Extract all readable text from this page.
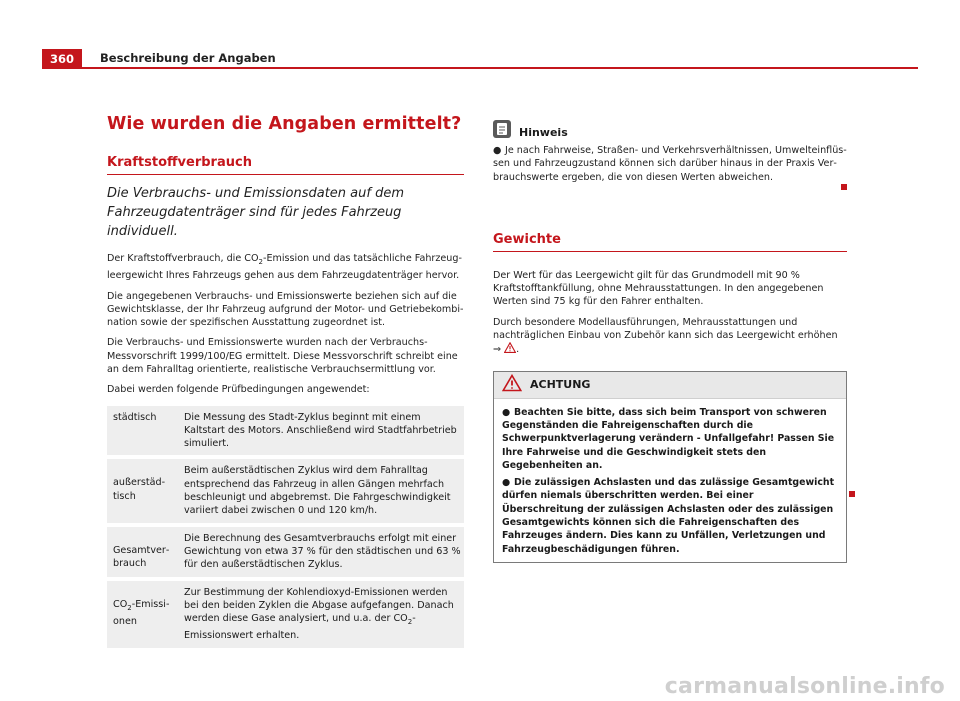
360	Beschreibung der Angaben
Wie wurden die Angaben ermittelt?
Kraftstoffverbrauch

Die Verbrauchs- und Emissionsdaten auf dem Fahrzeugdatenträger sind für jedes Fahrzeug individuell.

Der Kraftstoffverbrauch, die $CO_2$-Emission und das tatsächliche Fahrzeugleergewicht Ihres Fahrzeugs gehen aus dem Fahrzeugdatenträger hervor.

Die angegebenen Verbrauchs- und Emissionswerte beziehen sich auf die Gewichtsklasse, der Ihr Fahrzeug aufgrund der Motor- und Getriebekombination sowie der spezifischen Ausstattung zugeordnet ist.

Die Verbrauchs- und Emissionswerte wurden nach der Verbrauchs-Messvorschrift 1999/100/EG ermittelt. Diese Messvorschrift schreibt eine an dem Fahralltag orientierte, realistische Verbrauchsermittlung vor.

Dabei werden folgende Prüfbedingungen angewendet:

städtisch	Die Messung des Stadt-Zyklus beginnt mit einem Kaltstart des Motors. Anschließend wird Stadtfahrbetrieb simuliert.
außerstädtisch	Beim außerstädtischen Zyklus wird dem Fahralltag entsprechend das Fahrzeug in allen Gängen mehrfach beschleunigt und abgebremst. Die Fahrgeschwindigkeit variiert dabei zwischen 0 und 120 km/h.
Gesamtverbrauch	Die Berechnung des Gesamtverbrauchs erfolgt mit einer Gewichtung von etwa 37 % für den städtischen und 63 % für den außerstädtischen Zyklus.
$CO_2$-Emissionen	Zur Bestimmung der Kohlendioxyd-Emissionen werden bei den beiden Zyklen die Abgase aufgefangen. Danach werden diese Gase analysiert, und u.a. der $CO_2$-Emissionswert erhalten.
Hinweis

● Je nach Fahrweise, Straßen- und Verkehrsverhältnissen, Umwelteinflüssen und Fahrzeugzustand können sich darüber hinaus in der Praxis Verbrauchswerte ergeben, die von diesen Werten abweichen.

Gewichte

Der Wert für das Leergewicht gilt für das Grundmodell mit 90 % Kraftstofftankfüllung, ohne Mehrausstattungen. In den angegebenen Werten sind 75 kg für den Fahrer enthalten.

Durch besondere Modellausführungen, Mehrausstattungen und nachträglichen Einbau von Zubehör kann sich das Leergewicht erhöhen ⇒ .

ACHTUNG

● Beachten Sie bitte, dass sich beim Transport von schweren Gegenständen die Fahreigenschaften durch die Schwerpunktverlagerung verändern - Unfallgefahr! Passen Sie Ihre Fahrweise und die Geschwindigkeit stets den Gegebenheiten an.

● Die zulässigen Achslasten und das zulässige Gesamtgewicht dürfen niemals überschritten werden. Bei einer Überschreitung der zulässigen Achslasten oder des zulässigen Gesamtgewichts können sich die Fahreigenschaften des Fahrzeuges ändern. Dies kann zu Unfällen, Verletzungen und Fahrzeugbeschädigungen führen.

carmanualsonline.info
